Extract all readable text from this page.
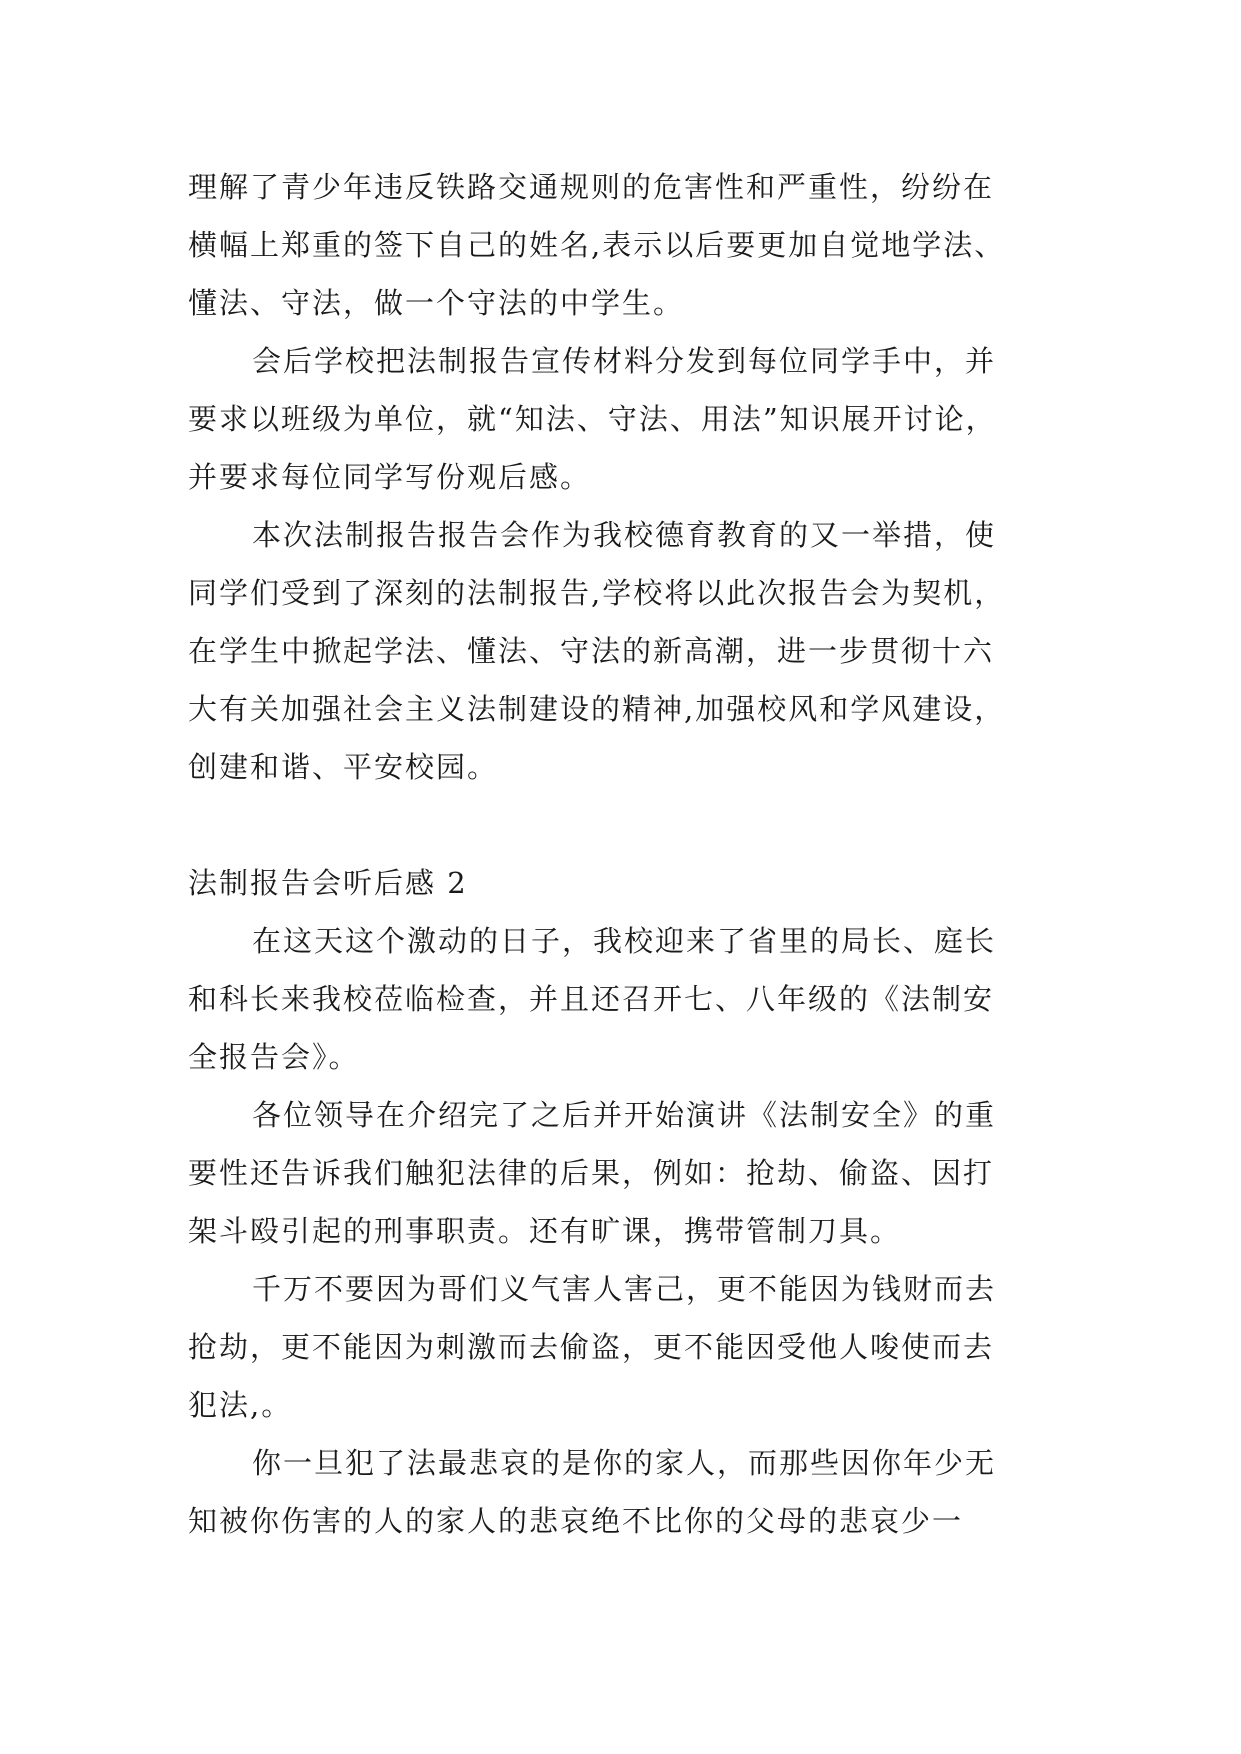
理解了青少年违反铁路交通规则的危害性和严重性，纷纷在
横幅上郑重的签下自己的姓名,表示以后要更加自觉地学法、
懂法、守法，做一个守法的中学生。
会后学校把法制报告宣传材料分发到每位同学手中，并
要求以班级为单位，就“知法、守法、用法”知识展开讨论，
并要求每位同学写份观后感。
本次法制报告报告会作为我校德育教育的又一举措，使
同学们受到了深刻的法制报告,学校将以此次报告会为契机，
在学生中掀起学法、懂法、守法的新高潮，进一步贯彻十六
大有关加强社会主义法制建设的精神,加强校风和学风建设，
创建和谐、平安校园。
法制报告会听后感 2
在这天这个激动的日子，我校迎来了省里的局长、庭长
和科长来我校莅临检查，并且还召开七、八年级的《法制安
全报告会》。
各位领导在介绍完了之后并开始演讲《法制安全》的重
要性还告诉我们触犯法律的后果，例如：抢劫、偷盗、因打
架斗殴引起的刑事职责。还有旷课，携带管制刀具。
千万不要因为哥们义气害人害己，更不能因为钱财而去
抢劫，更不能因为刺激而去偷盗，更不能因受他人唆使而去
犯法,。
你一旦犯了法最悲哀的是你的家人，而那些因你年少无
知被你伤害的人的家人的悲哀绝不比你的父母的悲哀少一
